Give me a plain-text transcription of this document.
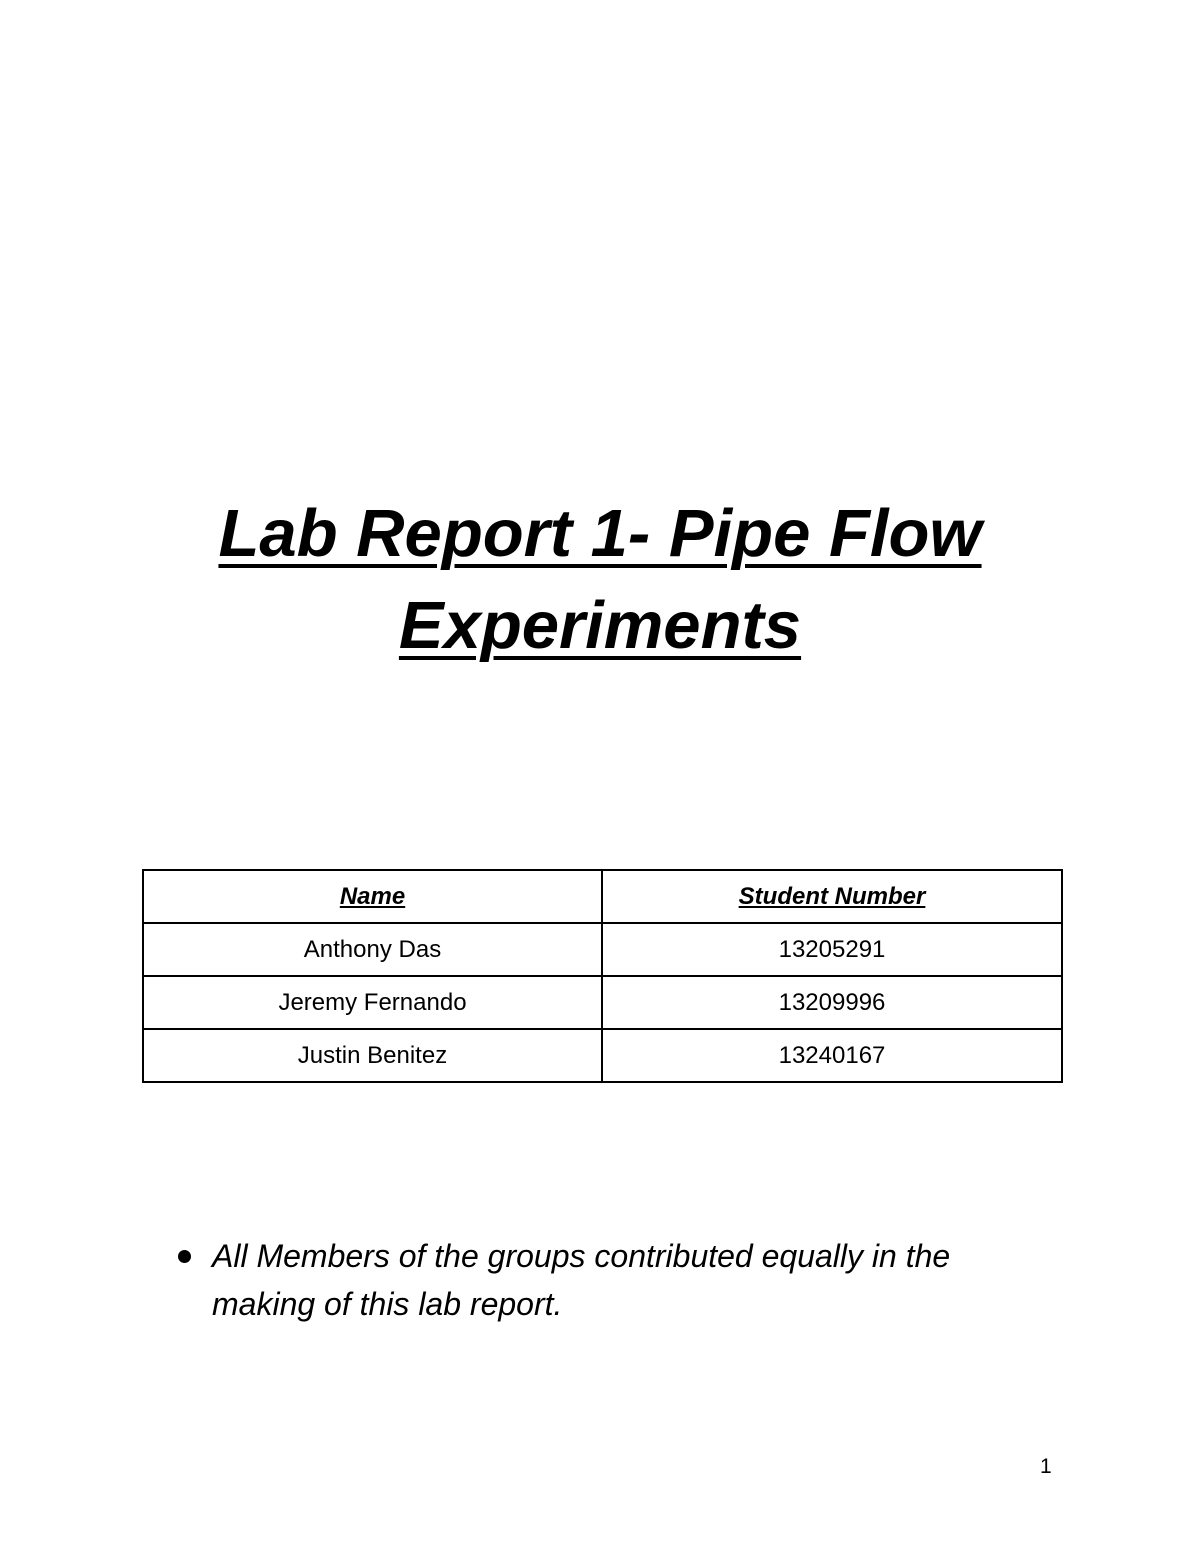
Lab Report 1- Pipe Flow
Experiments
Name	Student Number
Anthony Das	13205291
Jeremy Fernando	13209996
Justin Benitez	13240167
All Members of the groups contributed equally in the making of this lab report.
1
